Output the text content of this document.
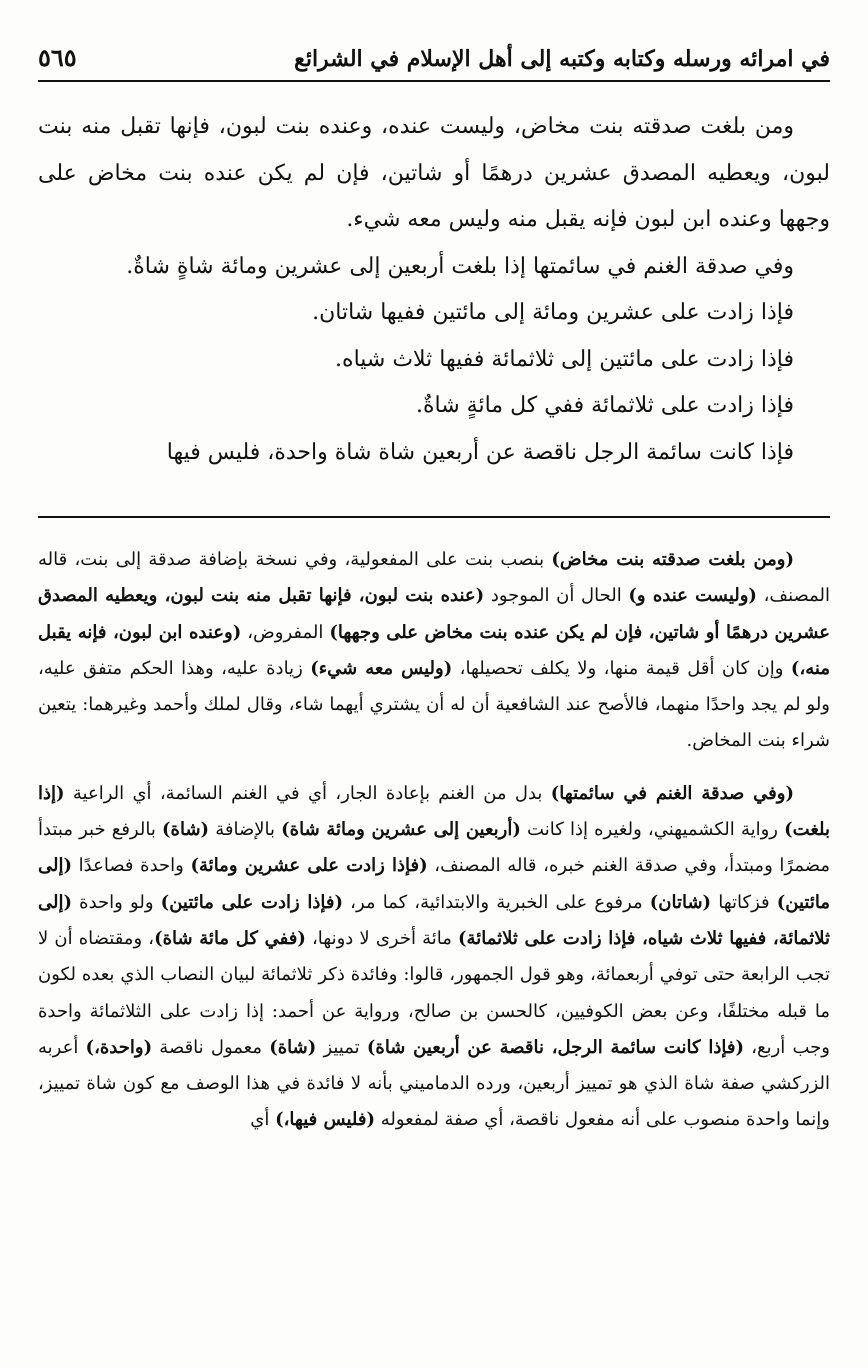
في امرائه ورسله وكتابه وكتبه إلى أهل الإسلام في الشرائع
٥٦٥

ومن بلغت صدقته بنت مخاض، وليست عنده، وعنده بنت لبون، فإنها تقبل منه بنت لبون، ويعطيه المصدق عشرين درهمًا أو شاتين، فإن لم يكن عنده بنت مخاض على وجهها وعنده ابن لبون فإنه يقبل منه وليس معه شيء.

وفي صدقة الغنم في سائمتها إذا بلغت أربعين إلى عشرين ومائة شاةٍ شاةٌ.

فإذا زادت على عشرين ومائة إلى مائتين ففيها شاتان.

فإذا زادت على مائتين إلى ثلاثمائة ففيها ثلاث شياه.

فإذا زادت على ثلاثمائة ففي كل مائةٍ شاةٌ.

فإذا كانت سائمة الرجل ناقصة عن أربعين شاة شاة واحدة، فليس فيها

(ومن بلغت صدقته بنت مخاض) بنصب بنت على المفعولية، وفي نسخة بإضافة صدقة إلى بنت، قاله المصنف، (وليست عنده و) الحال أن الموجود (عنده بنت لبون، فإنها تقبل منه بنت لبون، ويعطيه المصدق عشرين درهمًا أو شاتين، فإن لم يكن عنده بنت مخاض على وجهها) المفروض، (وعنده ابن لبون، فإنه يقبل منه،) وإن كان أقل قيمة منها، ولا يكلف تحصيلها، (وليس معه شيء) زيادة عليه، وهذا الحكم متفق عليه، ولو لم يجد واحدًا منهما، فالأصح عند الشافعية أن له أن يشتري أيهما شاء، وقال لملك وأحمد وغيرهما: يتعين شراء بنت المخاض.

(وفي صدقة الغنم في سائمتها) بدل من الغنم بإعادة الجار، أي في الغنم السائمة، أي الراعية (إذا بلغت) رواية الكشميهني، ولغيره إذا كانت (أربعين إلى عشرين ومائة شاة) بالإضافة (شاة) بالرفع خبر مبتدأ مضمرًا ومبتدأ، وفي صدقة الغنم خبره، قاله المصنف، (فإذا زادت على عشرين ومائة) واحدة فصاعدًا (إلى مائتين) فزكاتها (شاتان) مرفوع على الخبرية والابتدائية، كما مر، (فإذا زادت على مائتين) ولو واحدة (إلى ثلاثمائة، ففيها ثلاث شياه، فإذا زادت على ثلاثمائة) مائة أخرى لا دونها، (ففي كل مائة شاة)، ومقتضاه أن لا تجب الرابعة حتى توفي أربعمائة، وهو قول الجمهور، قالوا: وفائدة ذكر ثلاثمائة لبيان النصاب الذي بعده لكون ما قبله مختلفًا، وعن بعض الكوفيين، كالحسن بن صالح، ورواية عن أحمد: إذا زادت على الثلاثمائة واحدة وجب أربع، (فإذا كانت سائمة الرجل، ناقصة عن أربعين شاة) تمييز (شاة) معمول ناقصة (واحدة،) أعربه الزركشي صفة شاة الذي هو تمييز أربعين، ورده الدماميني بأنه لا فائدة في هذا الوصف مع كون شاة تمييز، وإنما واحدة منصوب على أنه مفعول ناقصة، أي صفة لمفعوله (فليس فيها،) أي
